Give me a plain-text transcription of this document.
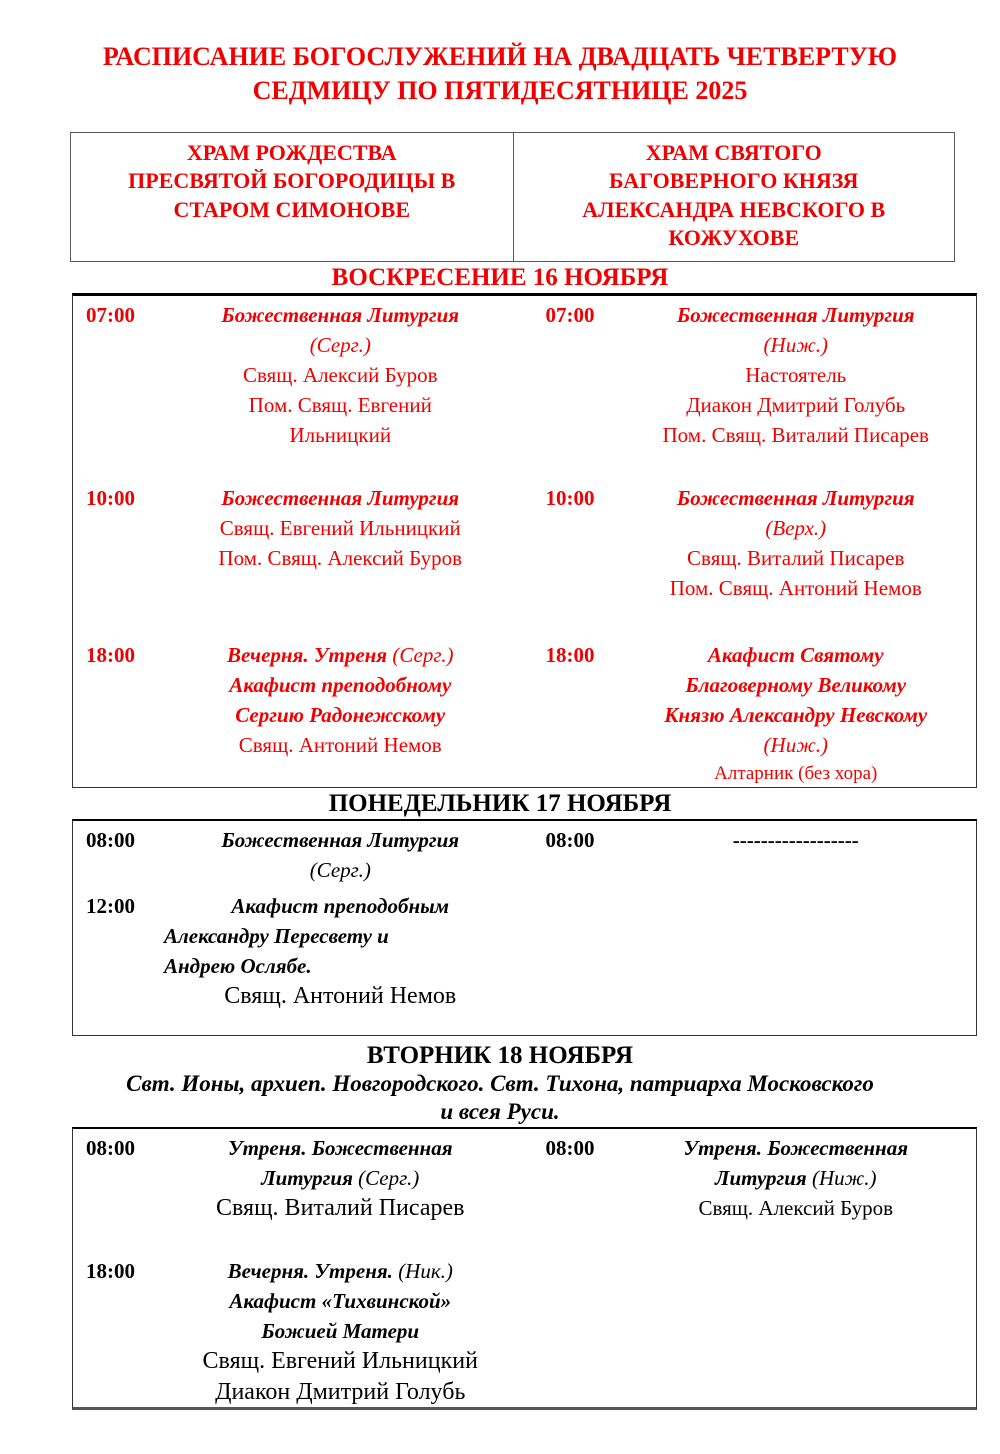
РАСПИСАНИЕ БОГОСЛУЖЕНИЙ НА ДВАДЦАТЬ ЧЕТВЕРТУЮ СЕДМИЦУ ПО ПЯТИДЕСЯТНИЦЕ 2025
ХРАМ РОЖДЕСТВА
ПРЕСВЯТОЙ БОГОРОДИЦЫ В
СТАРОМ СИМОНОВЕ
ХРАМ СВЯТОГО
БАГОВЕРНОГО КНЯЗЯ
АЛЕКСАНДРА НЕВСКОГО В
КОЖУХОВЕ
ВОСКРЕСЕНИЕ 16 НОЯБРЯ
07:00	Божественная Литургия
(Серг.)
Свящ. Алексий Буров
Пом. Свящ. Евгений
Ильницкий
07:00	Божественная Литургия
(Ниж.)
Настоятель
Диакон Дмитрий Голубь
Пом. Свящ. Виталий Писарев
10:00	Божественная Литургия
Свящ. Евгений Ильницкий
Пом. Свящ. Алексий Буров
10:00	Божественная Литургия
(Верх.)
Свящ. Виталий Писарев
Пом. Свящ. Антоний Немов
18:00	Вечерня. Утреня (Серг.)
Акафист преподобному
Сергию Радонежскому
Свящ. Антоний Немов
18:00	Акафист Святому
Благоверному Великому
Князю Александру Невскому
(Ниж.)
Алтарник (без хора)
ПОНЕДЕЛЬНИК 17 НОЯБРЯ
08:00	Божественная Литургия
(Серг.)
08:00	------------------
12:00	Акафист преподобным
Александру Пересвету и
Андрею Ослябе.
Свящ. Антоний Немов
ВТОРНИК 18 НОЯБРЯ
Свт. Ионы, архиеп. Новгородского. Свт. Тихона, патриарха Московского
и всея Руси.
08:00	Утреня. Божественная
Литургия (Серг.)
Свящ. Виталий Писарев
08:00	Утреня. Божественная
Литургия (Ниж.)
Свящ. Алексий Буров
18:00	Вечерня. Утреня. (Ник.)
Акафист «Тихвинской»
Божией Матери
Свящ. Евгений Ильницкий
Диакон Дмитрий Голубь
